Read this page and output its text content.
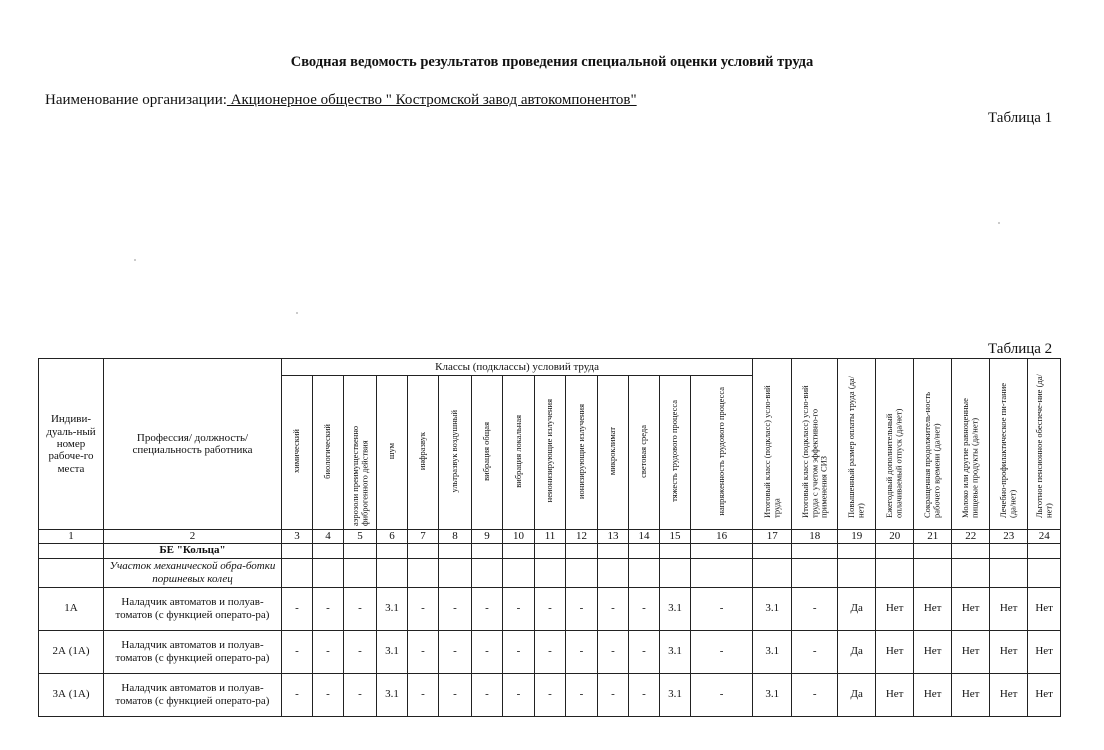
Сводная ведомость результатов проведения специальной оценки условий труда
Наименование организации: Акционерное общество " Костромской завод автокомпонентов"
Таблица 1
Таблица 2
Индиви-дуаль-ный номер рабоче-го места	Профессия/ должность/ специальность работника	Классы (подклассы) условий труда														Итоговый класс (подкласс) усло-вий труда	Итоговый класс (подкласс) усло-вий труда с учетом эффективно-го применения СИЗ	Повышенный размер оплаты труда (да/нет)	Ежегодный дополнительный оплачиваемый отпуск (да/нет)	Сокращенная продолжитель-ность рабочего времени (да/нет)	Молоко или другие равноценные пищевые продукты (да/нет)	Лечебно-профилактическое пи-тание (да/нет)	Льготное пенсионное обеспече-ние (да/нет)
		химический	биологический	аэрозоли преимущественно фиброгенного действия	шум	инфразвук	ультразвук воздушный	вибрация общая	вибрация локальная	неионизирующие излучения	ионизирующие излучения	микроклимат	световая среда	тяжесть трудового процесса	напряженность трудового процесса								
1	2	3	4	5	6	7	8	9	10	11	12	13	14	15	16	17	18	19	20	21	22	23	24
	БЕ "Кольца"																						
	Участок механической обра-ботки поршневых колец																						
1А	Наладчик автоматов и полуав-томатов (с функцией операто-ра)	-	-	-	3.1	-	-	-	-	-	-	-	-	3.1	-	3.1	-	Да	Нет	Нет	Нет	Нет	Нет
2А (1А)	Наладчик автоматов и полуав-томатов (с функцией операто-ра)	-	-	-	3.1	-	-	-	-	-	-	-	-	3.1	-	3.1	-	Да	Нет	Нет	Нет	Нет	Нет
3А (1А)	Наладчик автоматов и полуав-томатов (с функцией операто-ра)	-	-	-	3.1	-	-	-	-	-	-	-	-	3.1	-	3.1	-	Да	Нет	Нет	Нет	Нет	Нет
